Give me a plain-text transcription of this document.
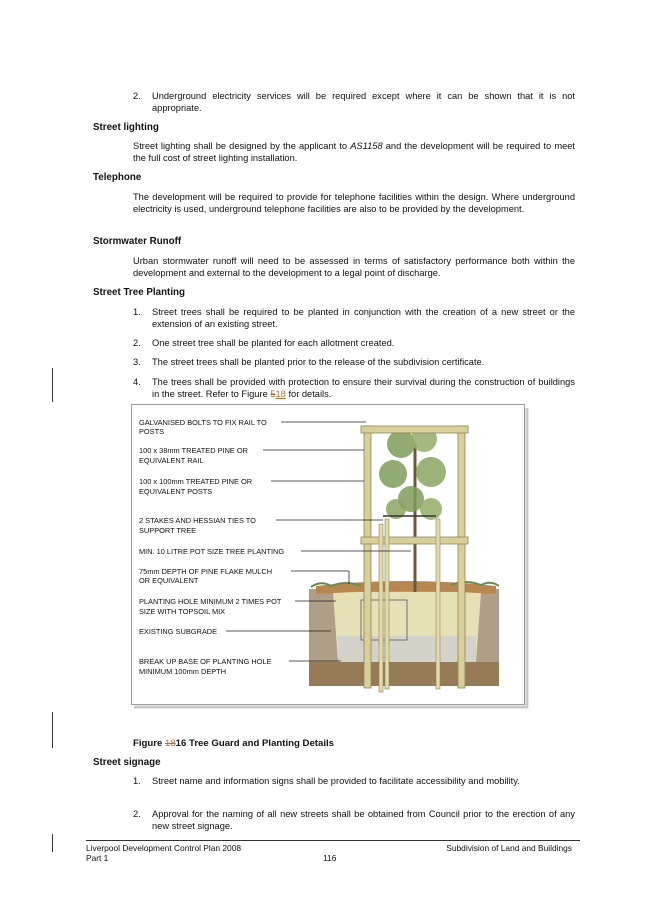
2. Underground electricity services will be required except where it can be shown that it is not appropriate.

Street lighting

Street lighting shall be designed by the applicant to AS1158 and the development will be required to meet the full cost of street lighting installation.

Telephone

The development will be required to provide for telephone facilities within the design. Where underground electricity is used, underground telephone facilities are also to be provided by the development.

Stormwater Runoff

Urban stormwater runoff will need to be assessed in terms of satisfactory performance both within the development and external to the development to a legal point of discharge.

Street Tree Planting

1. Street trees shall be required to be planted in conjunction with the creation of a new street or the extension of an existing street.

2. One street tree shall be planted for each allotment created.

3. The street trees shall be planted prior to the release of the subdivision certificate.

4. The trees shall be provided with protection to ensure their survival during the construction of buildings in the street. Refer to Figure 518 for details.

GALVANISED BOLTS TO FIX RAIL TO
POSTS
100 x 38mm TREATED PINE OR
EQUIVALENT RAIL
100 x 100mm TREATED PINE OR
EQUIVALENT POSTS
2 STAKES AND HESSIAN TIES TO
SUPPORT TREE
MIN. 10 LITRE POT SIZE TREE PLANTING
75mm DEPTH OF PINE FLAKE MULCH
OR EQUIVALENT
PLANTING HOLE MINIMUM 2 TIMES POT
SIZE WITH TOPSOIL MIX
EXISTING SUBGRADE
BREAK UP BASE OF PLANTING HOLE
MINIMUM 100mm DEPTH

Figure 1816 Tree Guard and Planting Details

Street signage

1. Street name and information signs shall be provided to facilitate accessibility and mobility.

2. Approval for the naming of all new streets shall be obtained from Council prior to the erection of any new street signage.

Liverpool Development Control Plan 2008
Part 1	116
Subdivision of Land and Buildings
